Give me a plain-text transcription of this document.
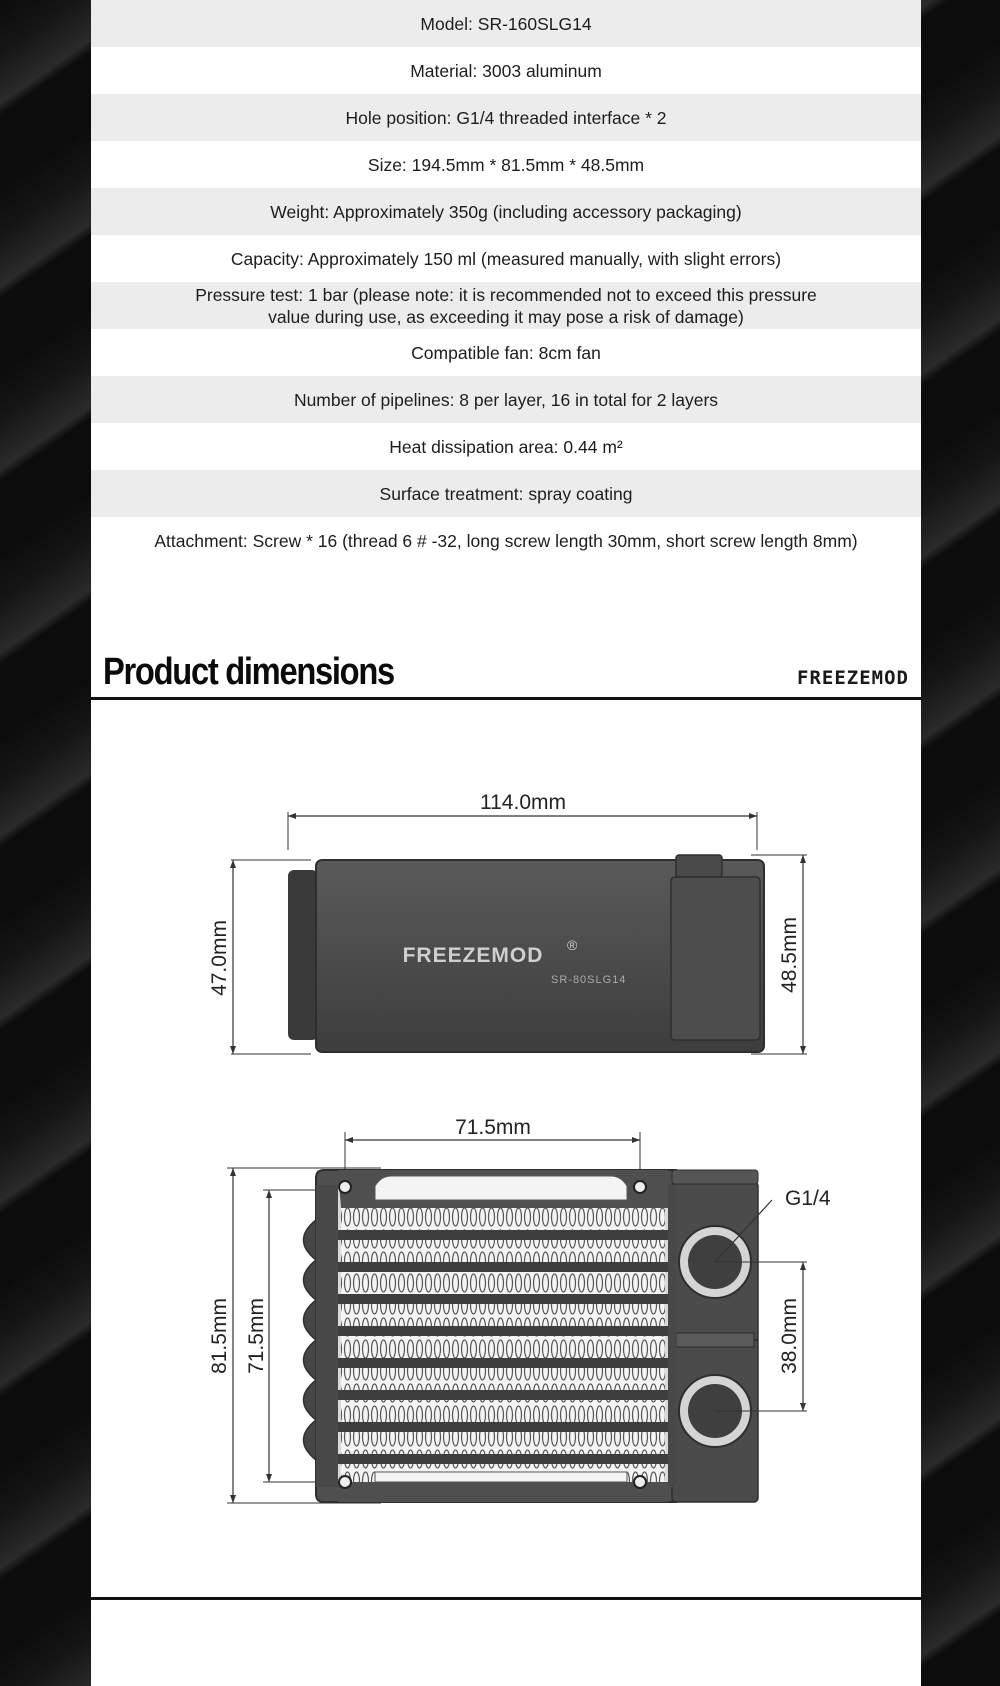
Model: SR-160SLG14
Material: 3003 aluminum
Hole position: G1/4 threaded interface * 2
Size: 194.5mm * 81.5mm * 48.5mm
Weight: Approximately 350g (including accessory packaging)
Capacity: Approximately 150 ml (measured manually, with slight errors)
Pressure test: 1 bar (please note: it is recommended not to exceed this pressure value during use, as exceeding it may pose a risk of damage)
Compatible fan: 8cm fan
Number of pipelines: 8 per layer, 16 in total for 2 layers
Heat dissipation area: 0.44 m²
Surface treatment: spray coating
Attachment: Screw * 16 (thread 6 # -32, long screw length 30mm, short screw length 8mm)
Product dimensions	FREEZEMOD
114.0mm
47.0mm	48.5mm
FREEZEMOD ®
SR-80SLG14
71.5mm
81.5mm 71.5mm
G1/4
38.0mm
